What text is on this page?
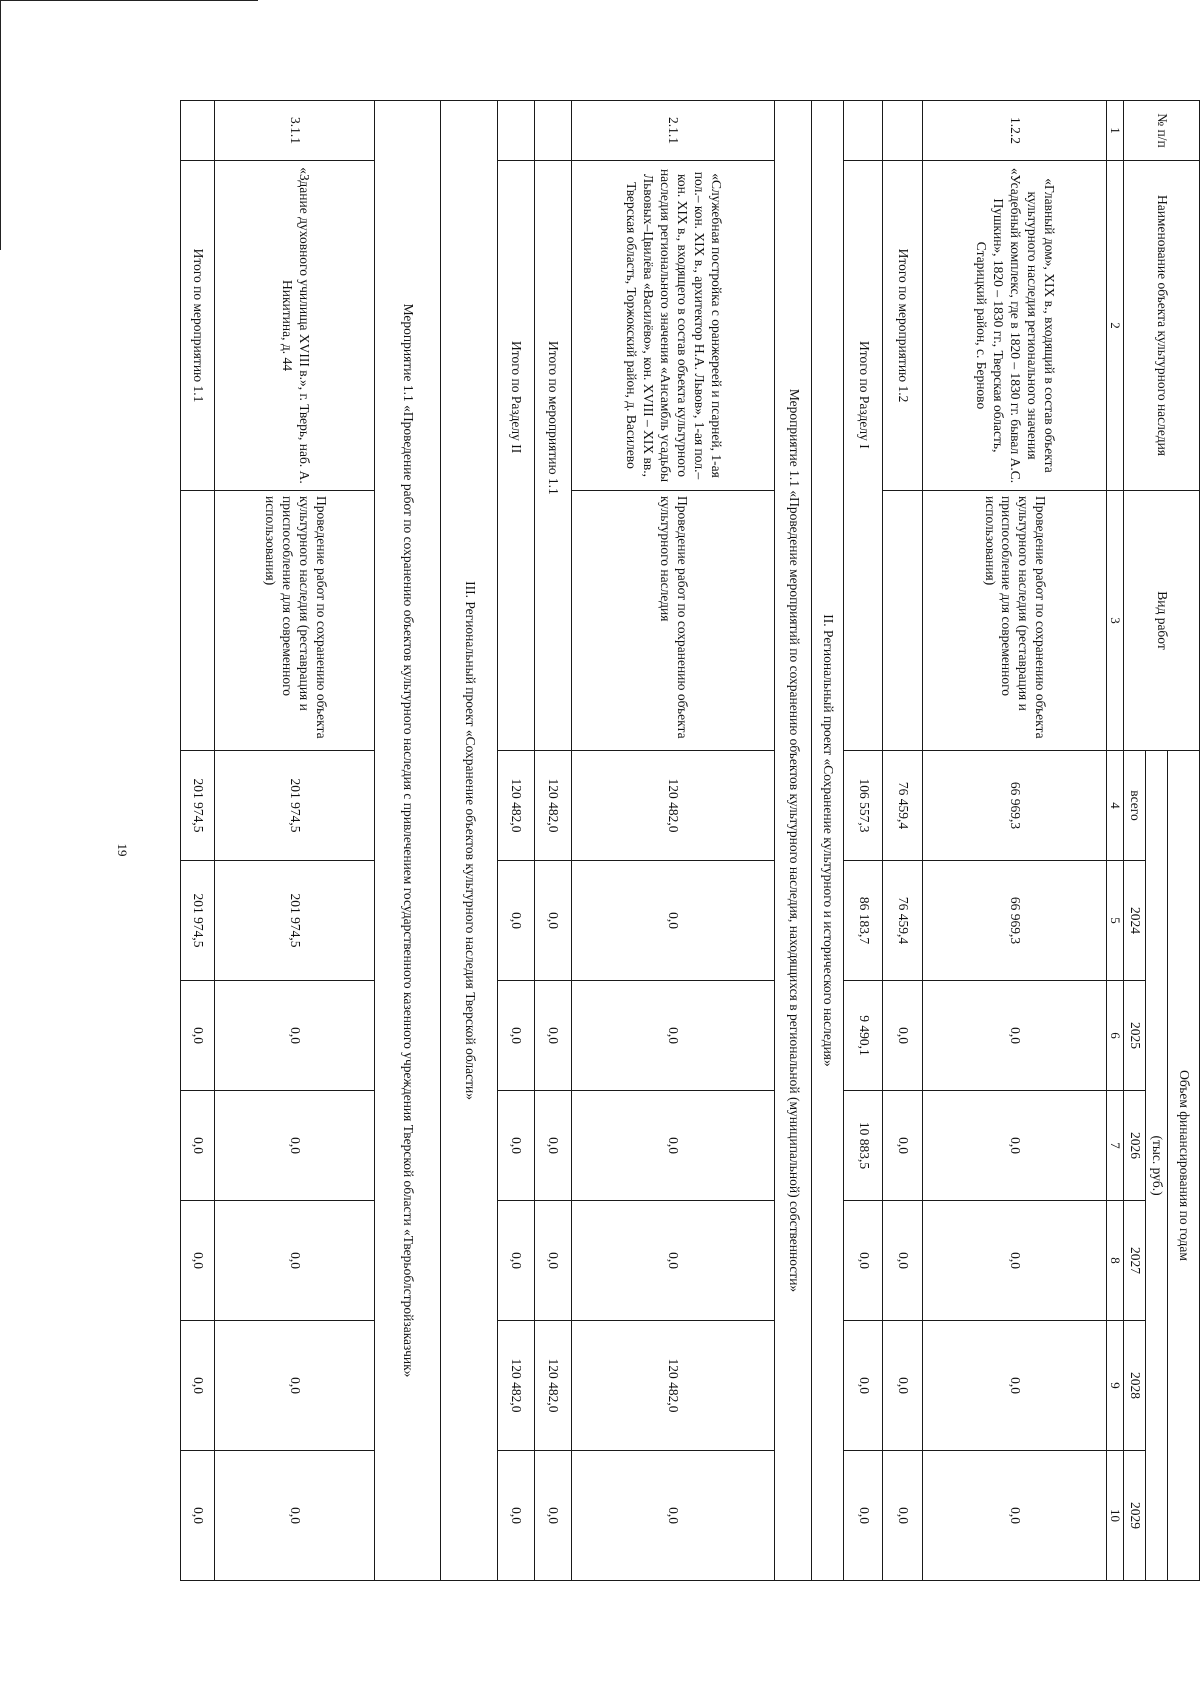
19
№ п/п	Наименование объекта культурного наследия	Вид работ	Объем финансирования по годам						
			(тыс. руб.)						
			всего	2024	2025	2026	2027	2028	2029
1	2	3	4	5	6	7	8	9	10
1.2.2	«Главный дом», XIX в., входящий в состав объекта культурного наследия регионального значения «Усадебный комплекс, где в 1820 – 1830 гг. бывал А.С. Пушкин», 1820 – 1830 гг., Тверская область, Старицкий район, с. Берново	Проведение работ по сохранению объекта культурного наследия (реставрация и приспособление для современного использования)	66 969,3	66 969,3	0,0	0,0	0,0	0,0	0,0
	Итого по мероприятию 1.2		76 459,4	76 459,4	0,0	0,0	0,0	0,0	0,0
	Итого по Разделу I		106 557,3	86 183,7	9 490,1	10 883,5	0,0	0,0	0,0
II. Региональный проект «Сохранение культурного и исторического наследия»									
Мероприятие 1.1 «Проведение мероприятий по сохранению объектов культурного наследия, находящихся в региональной (муниципальной) собственности»									
2.1.1	«Служебная постройка с оранжереей и псарней, 1-ая пол.– кон. XIX в., архитектор Н.А. Львов», 1-ая пол.– кон. XIX в., входящего в состав объекта культурного наследия регионального значения «Ансамбль усадьбы Львовых–Цвилёва «Василёво», кон. XVIII – XIX вв., Тверская область, Торжокский район, д. Василево	Проведение работ по сохранению объекта культурного наследия	120 482,0	0,0	0,0	0,0	0,0	120 482,0	0,0
	Итого по мероприятию 1.1		120 482,0	0,0	0,0	0,0	0,0	120 482,0	0,0
	Итого по Разделу II		120 482,0	0,0	0,0	0,0	0,0	120 482,0	0,0
III. Региональный проект «Сохранение объектов культурного наследия Тверской области»									
Мероприятие 1.1 «Проведение работ по сохранению объектов культурного наследия с привлечением государственного казенного учреждения Тверской области «Тверьоблстройзаказчик»									
3.1.1	«Здание духовного училища XVIII в.», г. Тверь, наб. А. Никитина, д. 44	Проведение работ по сохранению объекта культурного наследия (реставрация и приспособление для современного использования)	201 974,5	201 974,5	0,0	0,0	0,0	0,0	0,0
	Итого по мероприятию 1.1		201 974,5	201 974,5	0,0	0,0	0,0	0,0	0,0
